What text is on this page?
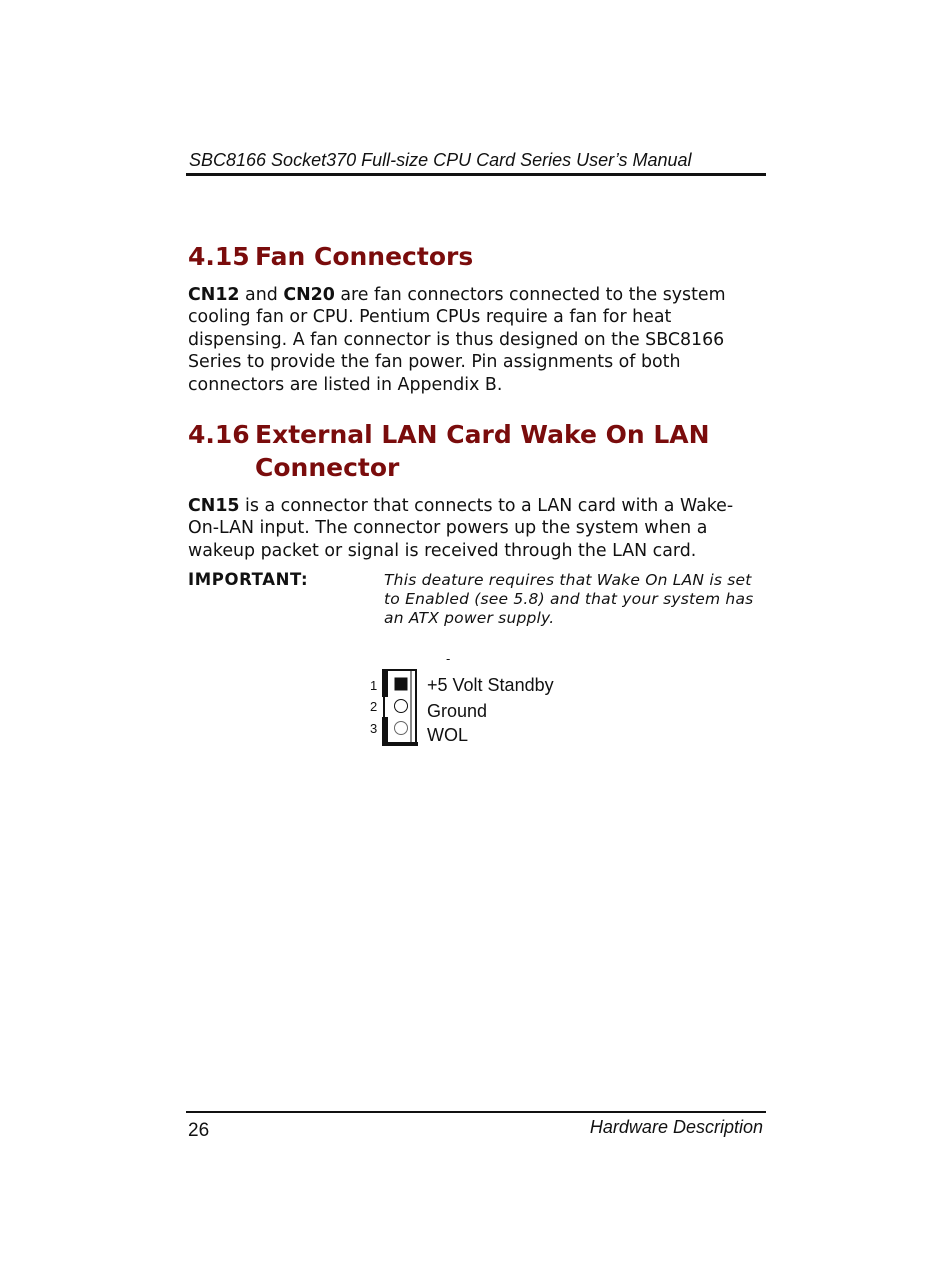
SBC8166 Socket370 Full-size CPU Card Series User’s Manual
4.15 Fan Connectors
CN12 and CN20 are fan connectors connected to the system cooling fan or CPU. Pentium CPUs require a fan for heat dispensing. A fan connector is thus designed on the SBC8166 Series to provide the fan power. Pin assignments of both connectors are listed in Appendix B.
4.16 External LAN Card Wake On LAN Connector
CN15 is a connector that connects to a LAN card with a Wake-On-LAN input. The connector powers up the system when a wakeup packet or signal is received through the LAN card.
IMPORTANT:	This deature requires that Wake On LAN is set to Enabled (see 5.8) and that your system has an ATX power supply.
-
1
2
3
+5 Volt Standby
Ground
WOL
26	Hardware Description
